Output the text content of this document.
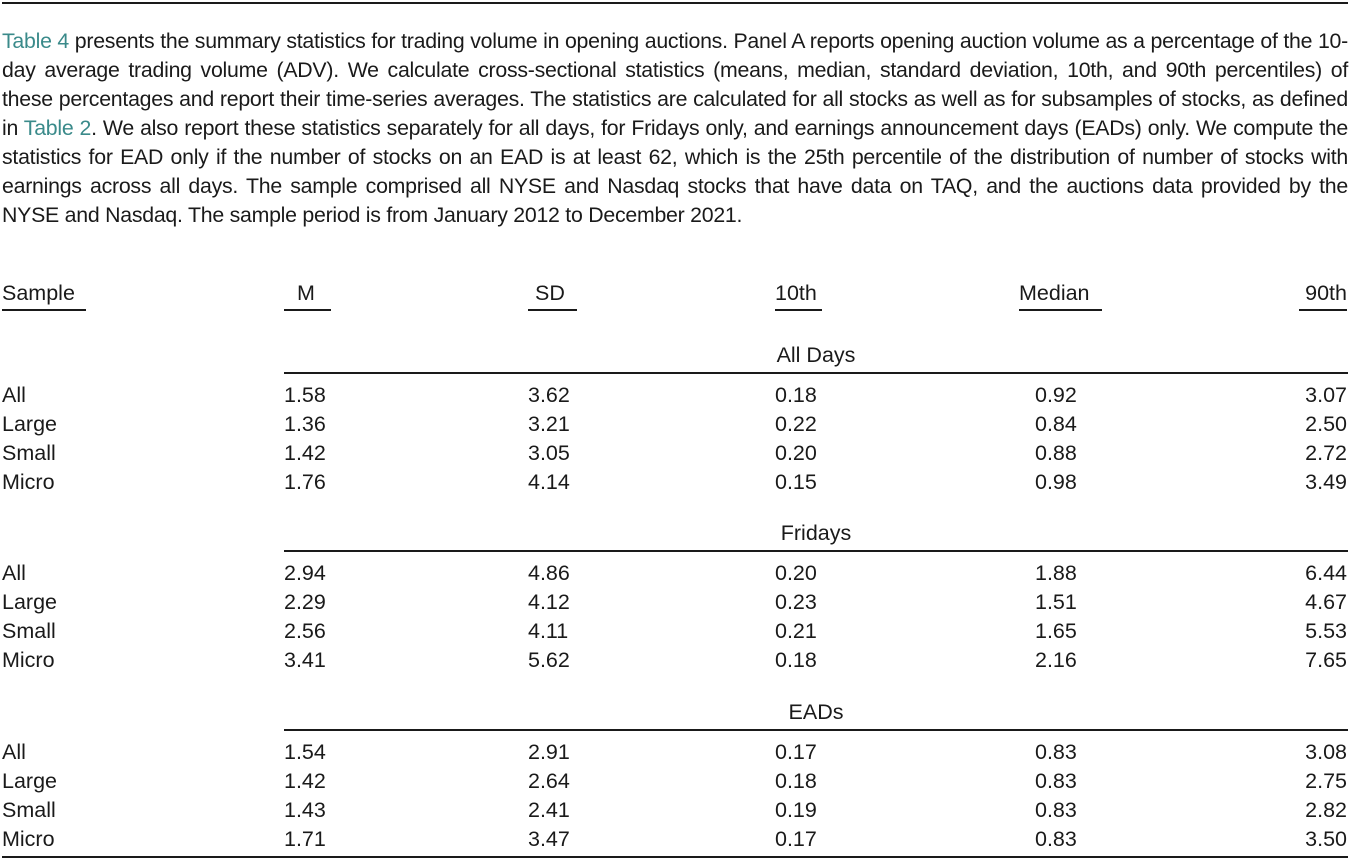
Table 4 presents the summary statistics for trading volume in opening auctions. Panel A reports opening auction volume as a percentage of the 10-day average trading volume (ADV). We calculate cross-sectional statistics (means, median, standard deviation, 10th, and 90th percentiles) of these percentages and report their time-series averages. The statistics are calculated for all stocks as well as for subsamples of stocks, as defined in Table 2. We also report these statistics separately for all days, for Fridays only, and earnings announcement days (EADs) only. We compute the statistics for EAD only if the number of stocks on an EAD is at least 62, which is the 25th percentile of the distribution of number of stocks with earnings across all days. The sample comprised all NYSE and Nasdaq stocks that have data on TAQ, and the auctions data provided by the NYSE and Nasdaq. The sample period is from January 2012 to December 2021.

Sample	M	SD	10th	Median	90th
All Days
All	1.58	3.62	0.18	0.92	3.07
Large	1.36	3.21	0.22	0.84	2.50
Small	1.42	3.05	0.20	0.88	2.72
Micro	1.76	4.14	0.15	0.98	3.49
Fridays
All	2.94	4.86	0.20	1.88	6.44
Large	2.29	4.12	0.23	1.51	4.67
Small	2.56	4.11	0.21	1.65	5.53
Micro	3.41	5.62	0.18	2.16	7.65
EADs
All	1.54	2.91	0.17	0.83	3.08
Large	1.42	2.64	0.18	0.83	2.75
Small	1.43	2.41	0.19	0.83	2.82
Micro	1.71	3.47	0.17	0.83	3.50
